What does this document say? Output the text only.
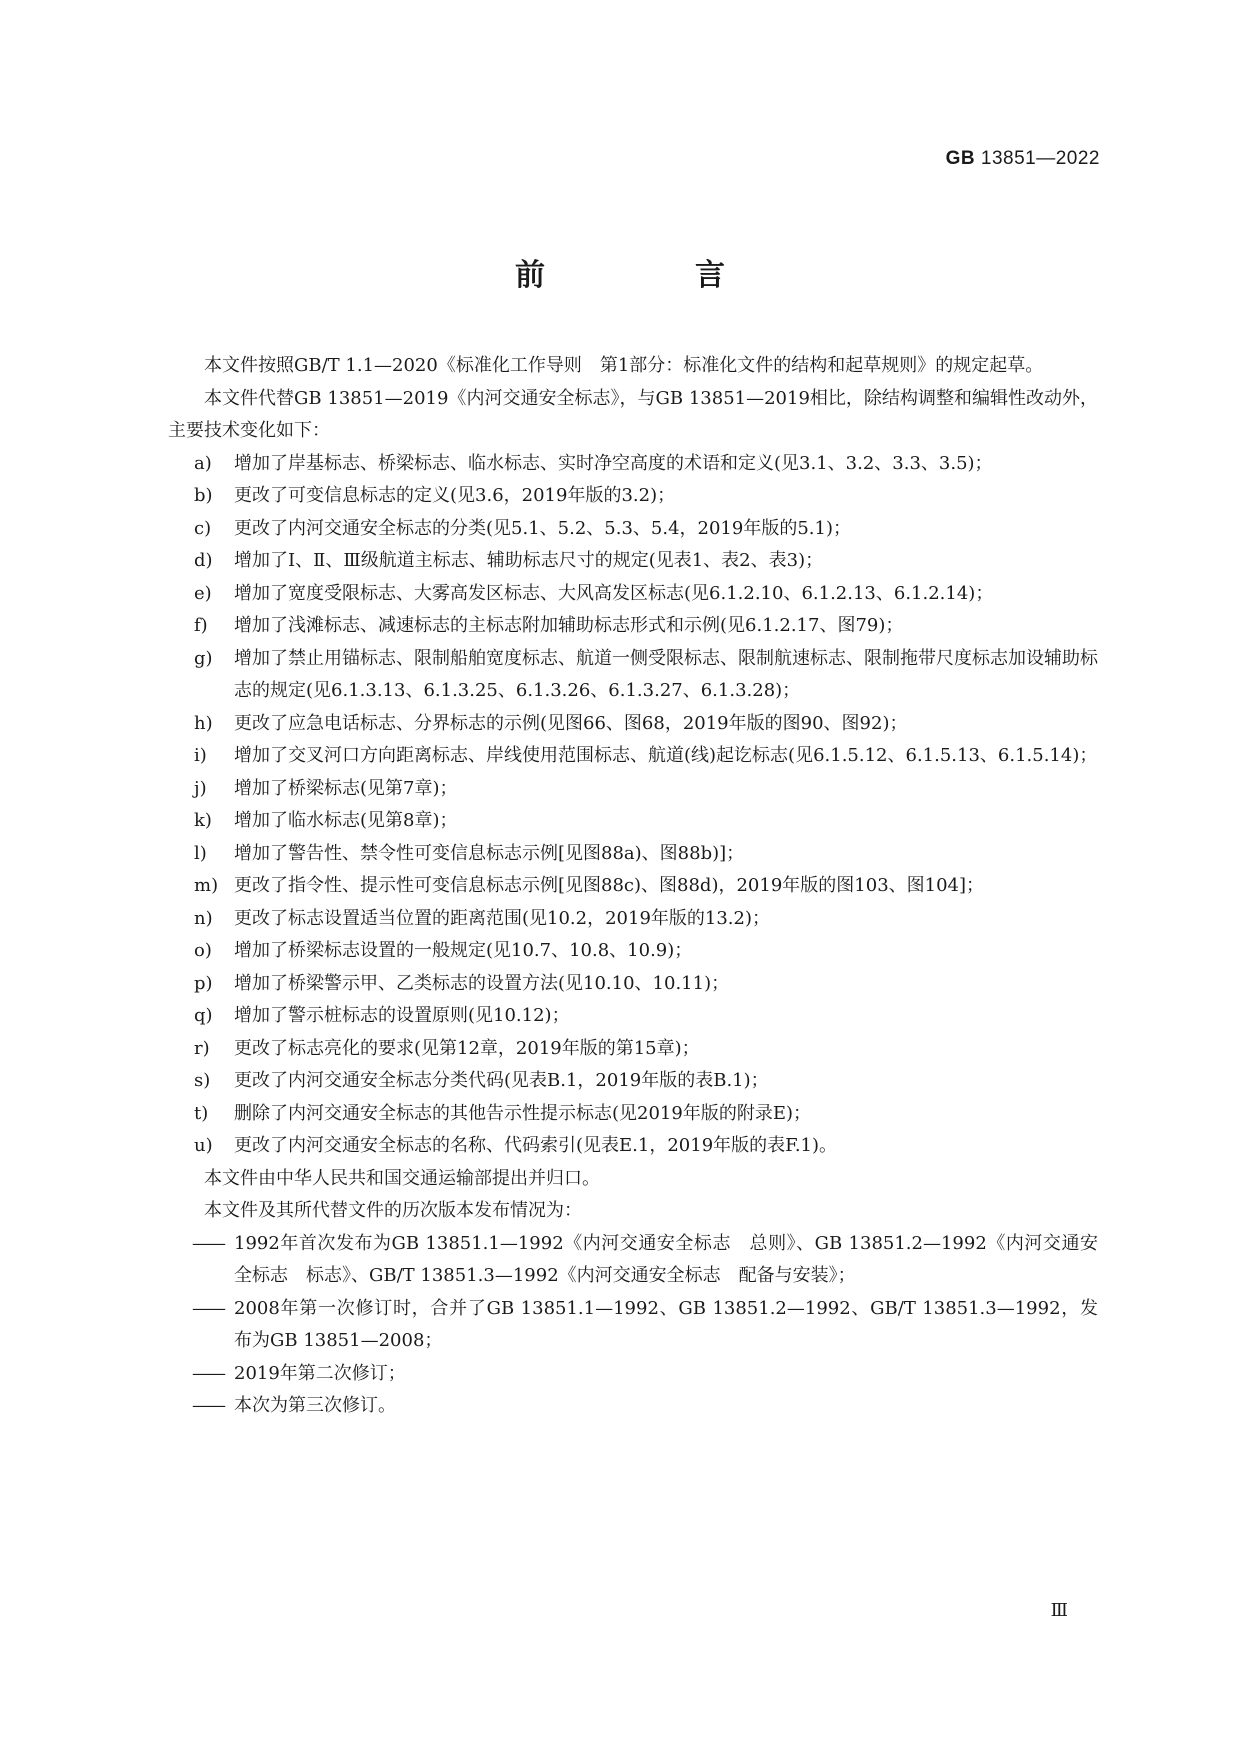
GB 13851—2022
前　言

本文件按照GB/T 1.1—2020《标准化工作导则　第1部分：标准化文件的结构和起草规则》的规定起草。

本文件代替GB 13851—2019《内河交通安全标志》，与GB 13851—2019相比，除结构调整和编辑性改动外，主要技术变化如下：

a) 增加了岸基标志、桥梁标志、临水标志、实时净空高度的术语和定义(见3.1、3.2、3.3、3.5)；
b) 更改了可变信息标志的定义(见3.6，2019年版的3.2)；
c) 更改了内河交通安全标志的分类(见5.1、5.2、5.3、5.4，2019年版的5.1)；
d) 增加了Ⅰ、Ⅱ、Ⅲ级航道主标志、辅助标志尺寸的规定(见表1、表2、表3)；
e) 增加了宽度受限标志、大雾高发区标志、大风高发区标志(见6.1.2.10、6.1.2.13、6.1.2.14)；
f) 增加了浅滩标志、减速标志的主标志附加辅助标志形式和示例(见6.1.2.17、图79)；
g) 增加了禁止用锚标志、限制船舶宽度标志、航道一侧受限标志、限制航速标志、限制拖带尺度标志加设辅助标志的规定(见6.1.3.13、6.1.3.25、6.1.3.26、6.1.3.27、6.1.3.28)；
h) 更改了应急电话标志、分界标志的示例(见图66、图68，2019年版的图90、图92)；
i) 增加了交叉河口方向距离标志、岸线使用范围标志、航道(线)起讫标志(见6.1.5.12、6.1.5.13、6.1.5.14)；
j) 增加了桥梁标志(见第7章)；
k) 增加了临水标志(见第8章)；
l) 增加了警告性、禁令性可变信息标志示例[见图88a)、图88b)]；
m) 更改了指令性、提示性可变信息标志示例[见图88c)、图88d)，2019年版的图103、图104]；
n) 更改了标志设置适当位置的距离范围(见10.2，2019年版的13.2)；
o) 增加了桥梁标志设置的一般规定(见10.7、10.8、10.9)；
p) 增加了桥梁警示甲、乙类标志的设置方法(见10.10、10.11)；
q) 增加了警示桩标志的设置原则(见10.12)；
r) 更改了标志亮化的要求(见第12章，2019年版的第15章)；
s) 更改了内河交通安全标志分类代码(见表B.1，2019年版的表B.1)；
t) 删除了内河交通安全标志的其他告示性提示标志(见2019年版的附录E)；
u) 更改了内河交通安全标志的名称、代码索引(见表E.1，2019年版的表F.1)。

本文件由中华人民共和国交通运输部提出并归口。

本文件及其所代替文件的历次版本发布情况为：

—— 1992年首次发布为GB 13851.1—1992《内河交通安全标志　总则》、GB 13851.2—1992《内河交通安全标志　标志》、GB/T 13851.3—1992《内河交通安全标志　配备与安装》；
—— 2008年第一次修订时，合并了GB 13851.1—1992、GB 13851.2—1992、GB/T 13851.3—1992，发布为GB 13851—2008；
—— 2019年第二次修订；
—— 本次为第三次修订。
Ⅲ
